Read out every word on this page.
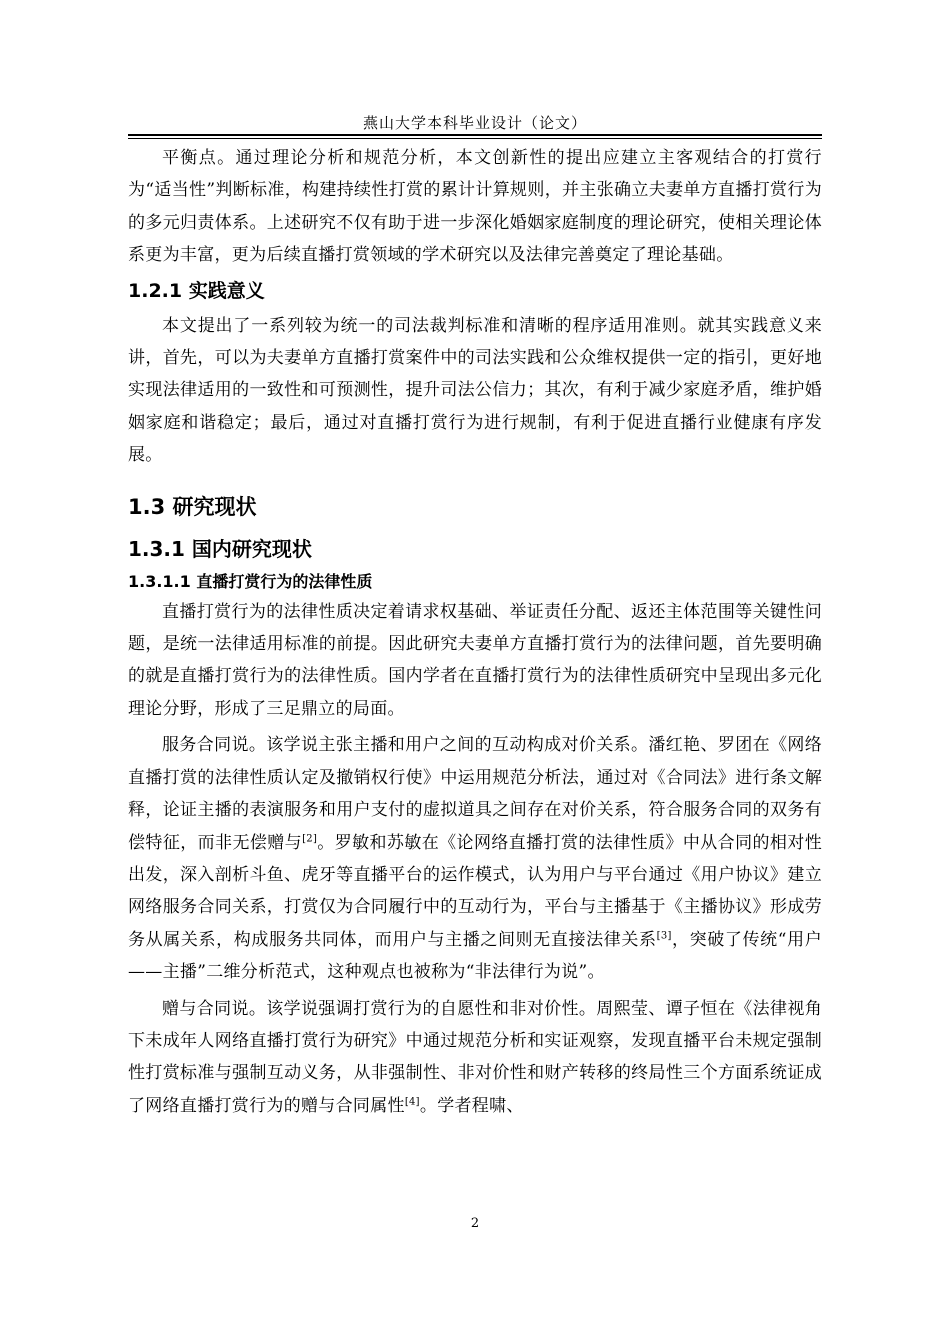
燕山大学本科毕业设计（论文）

平衡点。通过理论分析和规范分析，本文创新性的提出应建立主客观结合的打赏行为“适当性”判断标准，构建持续性打赏的累计计算规则，并主张确立夫妻单方直播打赏行为的多元归责体系。上述研究不仅有助于进一步深化婚姻家庭制度的理论研究，使相关理论体系更为丰富，更为后续直播打赏领域的学术研究以及法律完善奠定了理论基础。

1.2.1 实践意义

本文提出了一系列较为统一的司法裁判标准和清晰的程序适用准则。就其实践意义来讲，首先，可以为夫妻单方直播打赏案件中的司法实践和公众维权提供一定的指引，更好地实现法律适用的一致性和可预测性，提升司法公信力；其次，有利于减少家庭矛盾，维护婚姻家庭和谐稳定；最后，通过对直播打赏行为进行规制，有利于促进直播行业健康有序发展。

1.3 研究现状
1.3.1 国内研究现状
1.3.1.1 直播打赏行为的法律性质

直播打赏行为的法律性质决定着请求权基础、举证责任分配、返还主体范围等关键性问题，是统一法律适用标准的前提。因此研究夫妻单方直播打赏行为的法律问题，首先要明确的就是直播打赏行为的法律性质。国内学者在直播打赏行为的法律性质研究中呈现出多元化理论分野，形成了三足鼎立的局面。

服务合同说。该学说主张主播和用户之间的互动构成对价关系。潘红艳、罗团在《网络直播打赏的法律性质认定及撤销权行使》中运用规范分析法，通过对《合同法》进行条文解释，论证主播的表演服务和用户支付的虚拟道具之间存在对价关系，符合服务合同的双务有偿特征，而非无偿赠与[2]。罗敏和苏敏在《论网络直播打赏的法律性质》中从合同的相对性出发，深入剖析斗鱼、虎牙等直播平台的运作模式，认为用户与平台通过《用户协议》建立网络服务合同关系，打赏仅为合同履行中的互动行为，平台与主播基于《主播协议》形成劳务从属关系，构成服务共同体，而用户与主播之间则无直接法律关系[3]，突破了传统“用户——主播”二维分析范式，这种观点也被称为“非法律行为说”。

赠与合同说。该学说强调打赏行为的自愿性和非对价性。周熙莹、谭子恒在《法律视角下未成年人网络直播打赏行为研究》中通过规范分析和实证观察，发现直播平台未规定强制性打赏标准与强制互动义务，从非强制性、非对价性和财产转移的终局性三个方面系统证成了网络直播打赏行为的赠与合同属性[4]。学者程啸、

2
